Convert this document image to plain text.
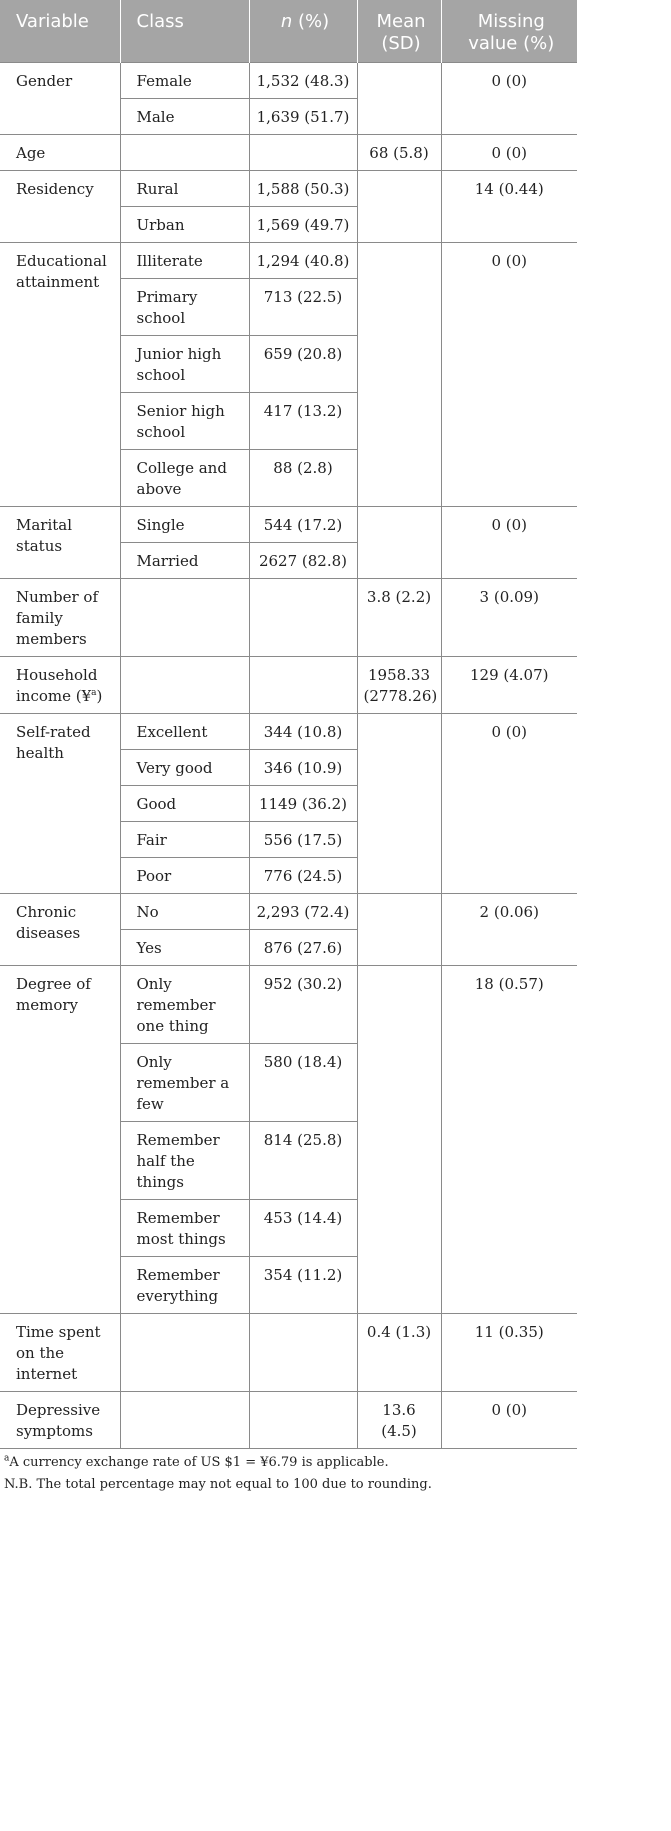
Variable	Class	n (%)	Mean (SD)	Missing value (%)
Gender	Female	1,532 (48.3)		0 (0)
	Male	1,639 (51.7)		
Age			68 (5.8)	0 (0)
Residency	Rural	1,588 (50.3)		14 (0.44)
	Urban	1,569 (49.7)		
Educational attainment	Illiterate	1,294 (40.8)		0 (0)
	Primary school	713 (22.5)		
	Junior high school	659 (20.8)		
	Senior high school	417 (13.2)		
	College and above	88 (2.8)		
Marital status	Single	544 (17.2)		0 (0)
	Married	2627 (82.8)		
Number of family members			3.8 (2.2)	3 (0.09)
Household income (¥$^a$)			1958.33 (2778.26)	129 (4.07)
Self-rated health	Excellent	344 (10.8)		0 (0)
	Very good	346 (10.9)		
	Good	1149 (36.2)		
	Fair	556 (17.5)		
	Poor	776 (24.5)		
Chronic diseases	No	2,293 (72.4)		2 (0.06)
	Yes	876 (27.6)		
Degree of memory	Only remember one thing	952 (30.2)		18 (0.57)
	Only remember a few	580 (18.4)		
	Remember half the things	814 (25.8)		
	Remember most things	453 (14.4)		
	Remember everything	354 (11.2)		
Time spent on the internet			0.4 (1.3)	11 (0.35)
Depressive symptoms			13.6 (4.5)	0 (0)
$^a$A currency exchange rate of US $1 = ¥6.79 is applicable.
N.B. The total percentage may not equal to 100 due to rounding.
